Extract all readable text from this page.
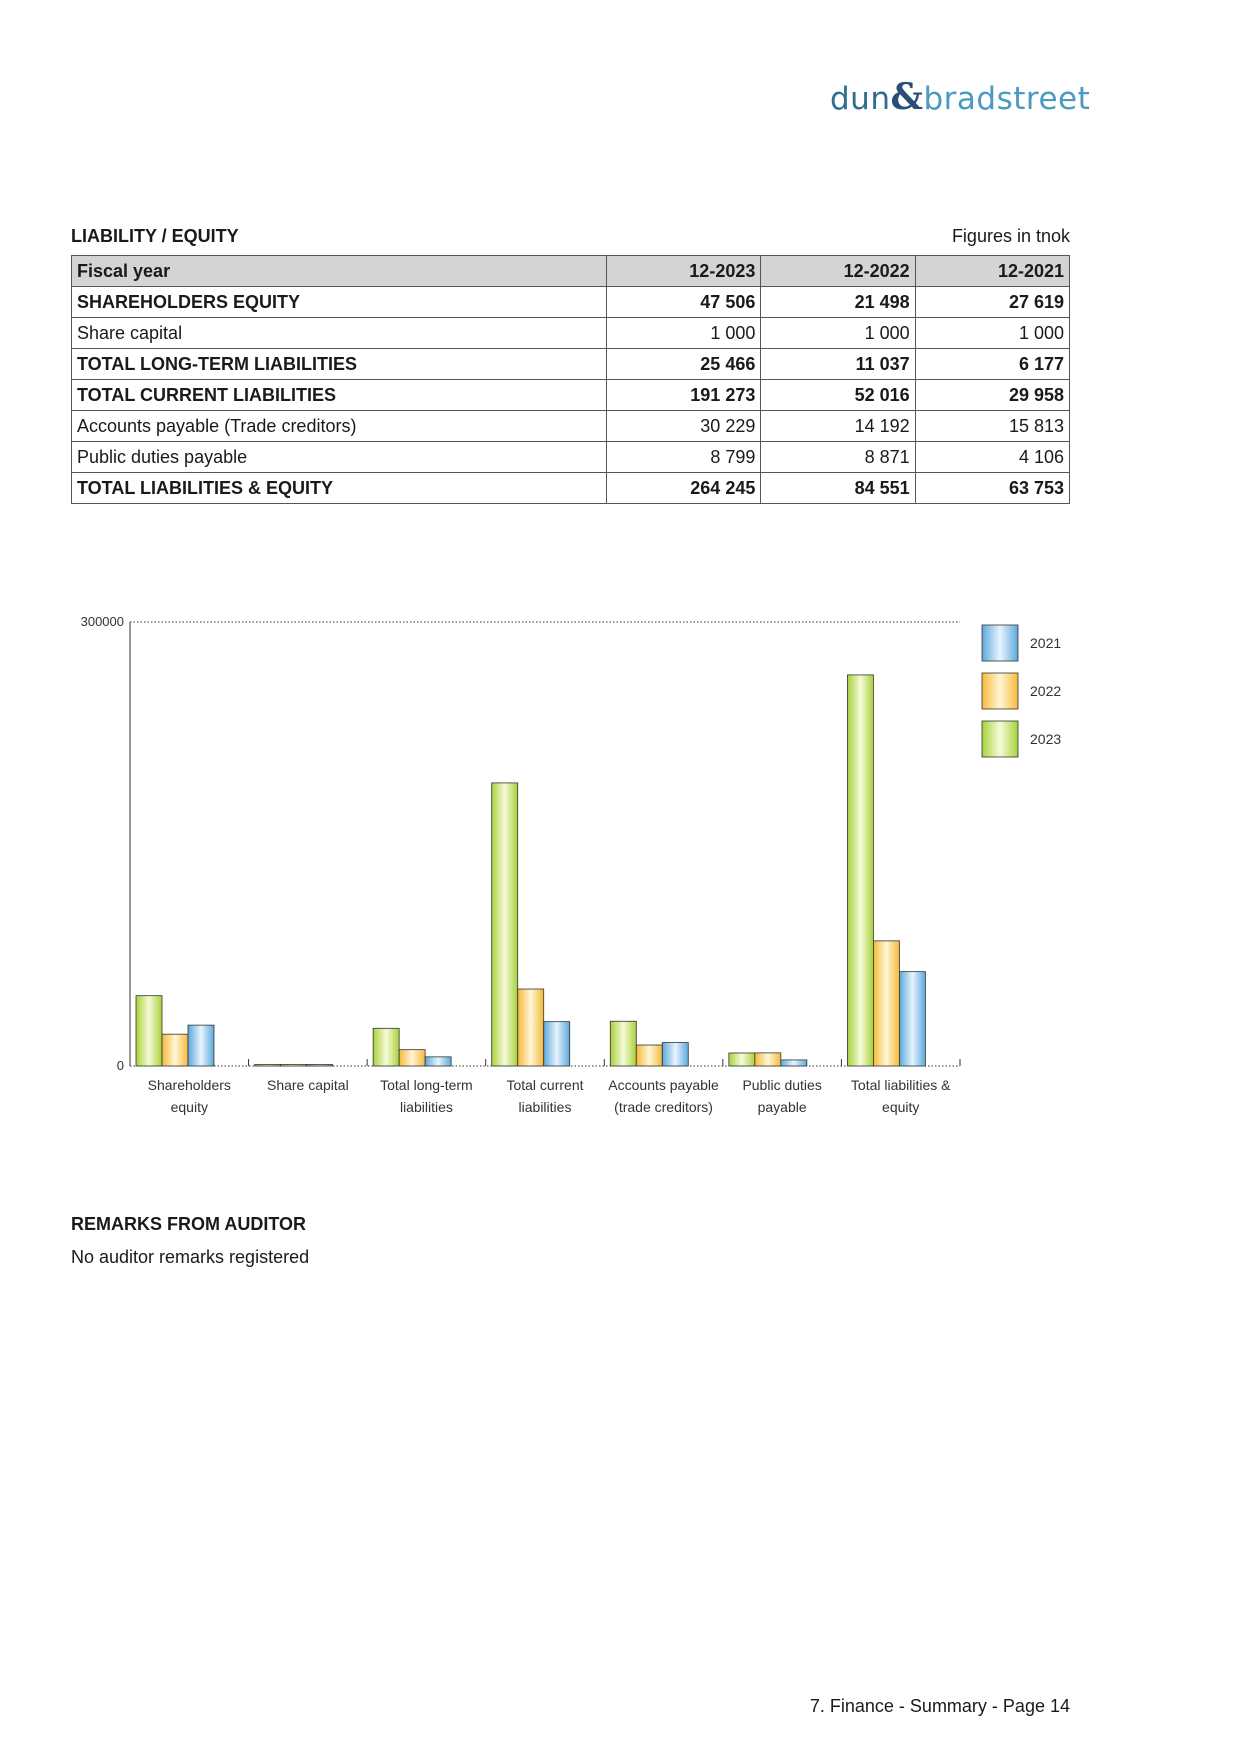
dun&bradstreet
LIABILITY / EQUITY	Figures in tnok
Fiscal year	12-2023	12-2022	12-2021
SHAREHOLDERS EQUITY	47 506	21 498	27 619
Share capital	1 000	1 000	1 000
TOTAL LONG-TERM LIABILITIES	25 466	11 037	6 177
TOTAL CURRENT LIABILITIES	191 273	52 016	29 958
Accounts payable (Trade creditors)	30 229	14 192	15 813
Public duties payable	8 799	8 871	4 106
TOTAL LIABILITIES & EQUITY	264 245	84 551	63 753
300000
0
Shareholders
equity
Share capital Total long-term
liabilities
Total current
liabilities
Accounts payable
(trade creditors)
Public duties
payable
Total liabilities &
equity
2021
2022
2023
REMARKS FROM AUDITOR
No auditor remarks registered
7. Finance - Summary - Page 14
